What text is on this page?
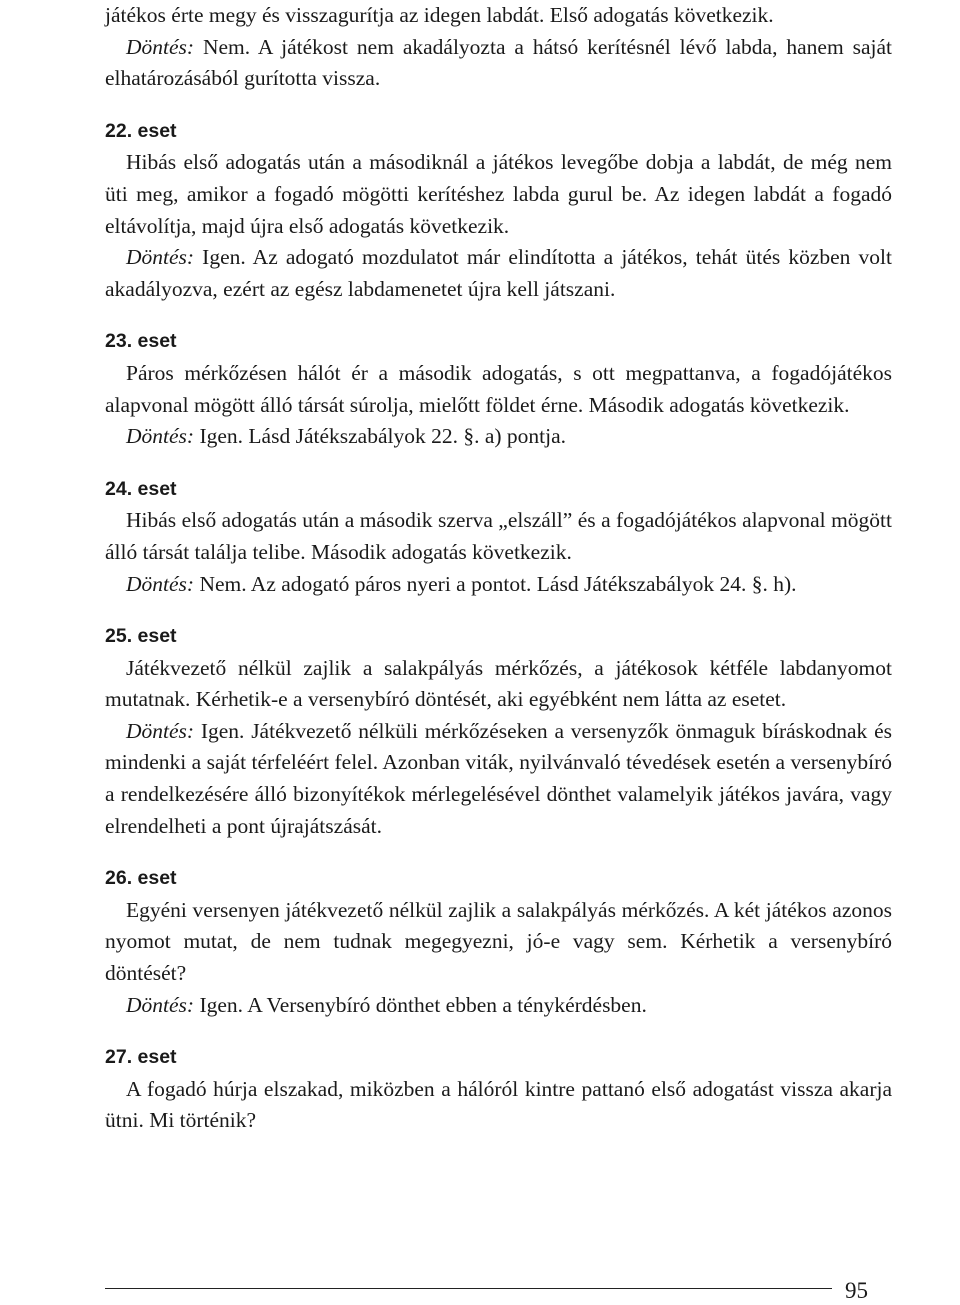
játékos érte megy és visszagurítja az idegen labdát. Első adogatás következik.

Döntés: Nem. A játékost nem akadályozta a hátsó kerítésnél lévő labda, hanem saját elhatározásából gurította vissza.

22. eset

Hibás első adogatás után a másodiknál a játékos levegőbe dobja a labdát, de még nem üti meg, amikor a fogadó mögötti kerítéshez labda gurul be. Az idegen labdát a fogadó eltávolítja, majd újra első adogatás következik.

Döntés: Igen. Az adogató mozdulatot már elindította a játékos, tehát ütés közben volt akadályozva, ezért az egész labdamenetet újra kell játszani.

23. eset

Páros mérkőzésen hálót ér a második adogatás, s ott megpattanva, a fogadójátékos alapvonal mögött álló társát súrolja, mielőtt földet érne. Második adogatás következik.

Döntés: Igen. Lásd Játékszabályok 22. §. a) pontja.

24. eset

Hibás első adogatás után a második szerva „elszáll” és a fogadójátékos alapvonal mögött álló társát találja telibe. Második adogatás következik.

Döntés: Nem. Az adogató páros nyeri a pontot. Lásd Játékszabályok 24. §. h).

25. eset

Játékvezető nélkül zajlik a salakpályás mérkőzés, a játékosok kétféle labdanyomot mutatnak. Kérhetik-e a versenybíró döntését, aki egyébként nem látta az esetet.

Döntés: Igen. Játékvezető nélküli mérkőzéseken a versenyzők önmaguk bíráskodnak és mindenki a saját térfeléért felel. Azonban viták, nyilvánvaló tévedések esetén a versenybíró a rendelkezésére álló bizonyítékok mérlegelésével dönthet valamelyik játékos javára, vagy elrendelheti a pont újrajátszását.

26. eset

Egyéni versenyen játékvezető nélkül zajlik a salakpályás mérkőzés. A két játékos azonos nyomot mutat, de nem tudnak megegyezni, jó-e vagy sem. Kérhetik a versenybíró döntését?

Döntés: Igen. A Versenybíró dönthet ebben a ténykérdésben.

27. eset

A fogadó húrja elszakad, miközben a hálóról kintre pattanó első adogatást vissza akarja ütni. Mi történik?

95
